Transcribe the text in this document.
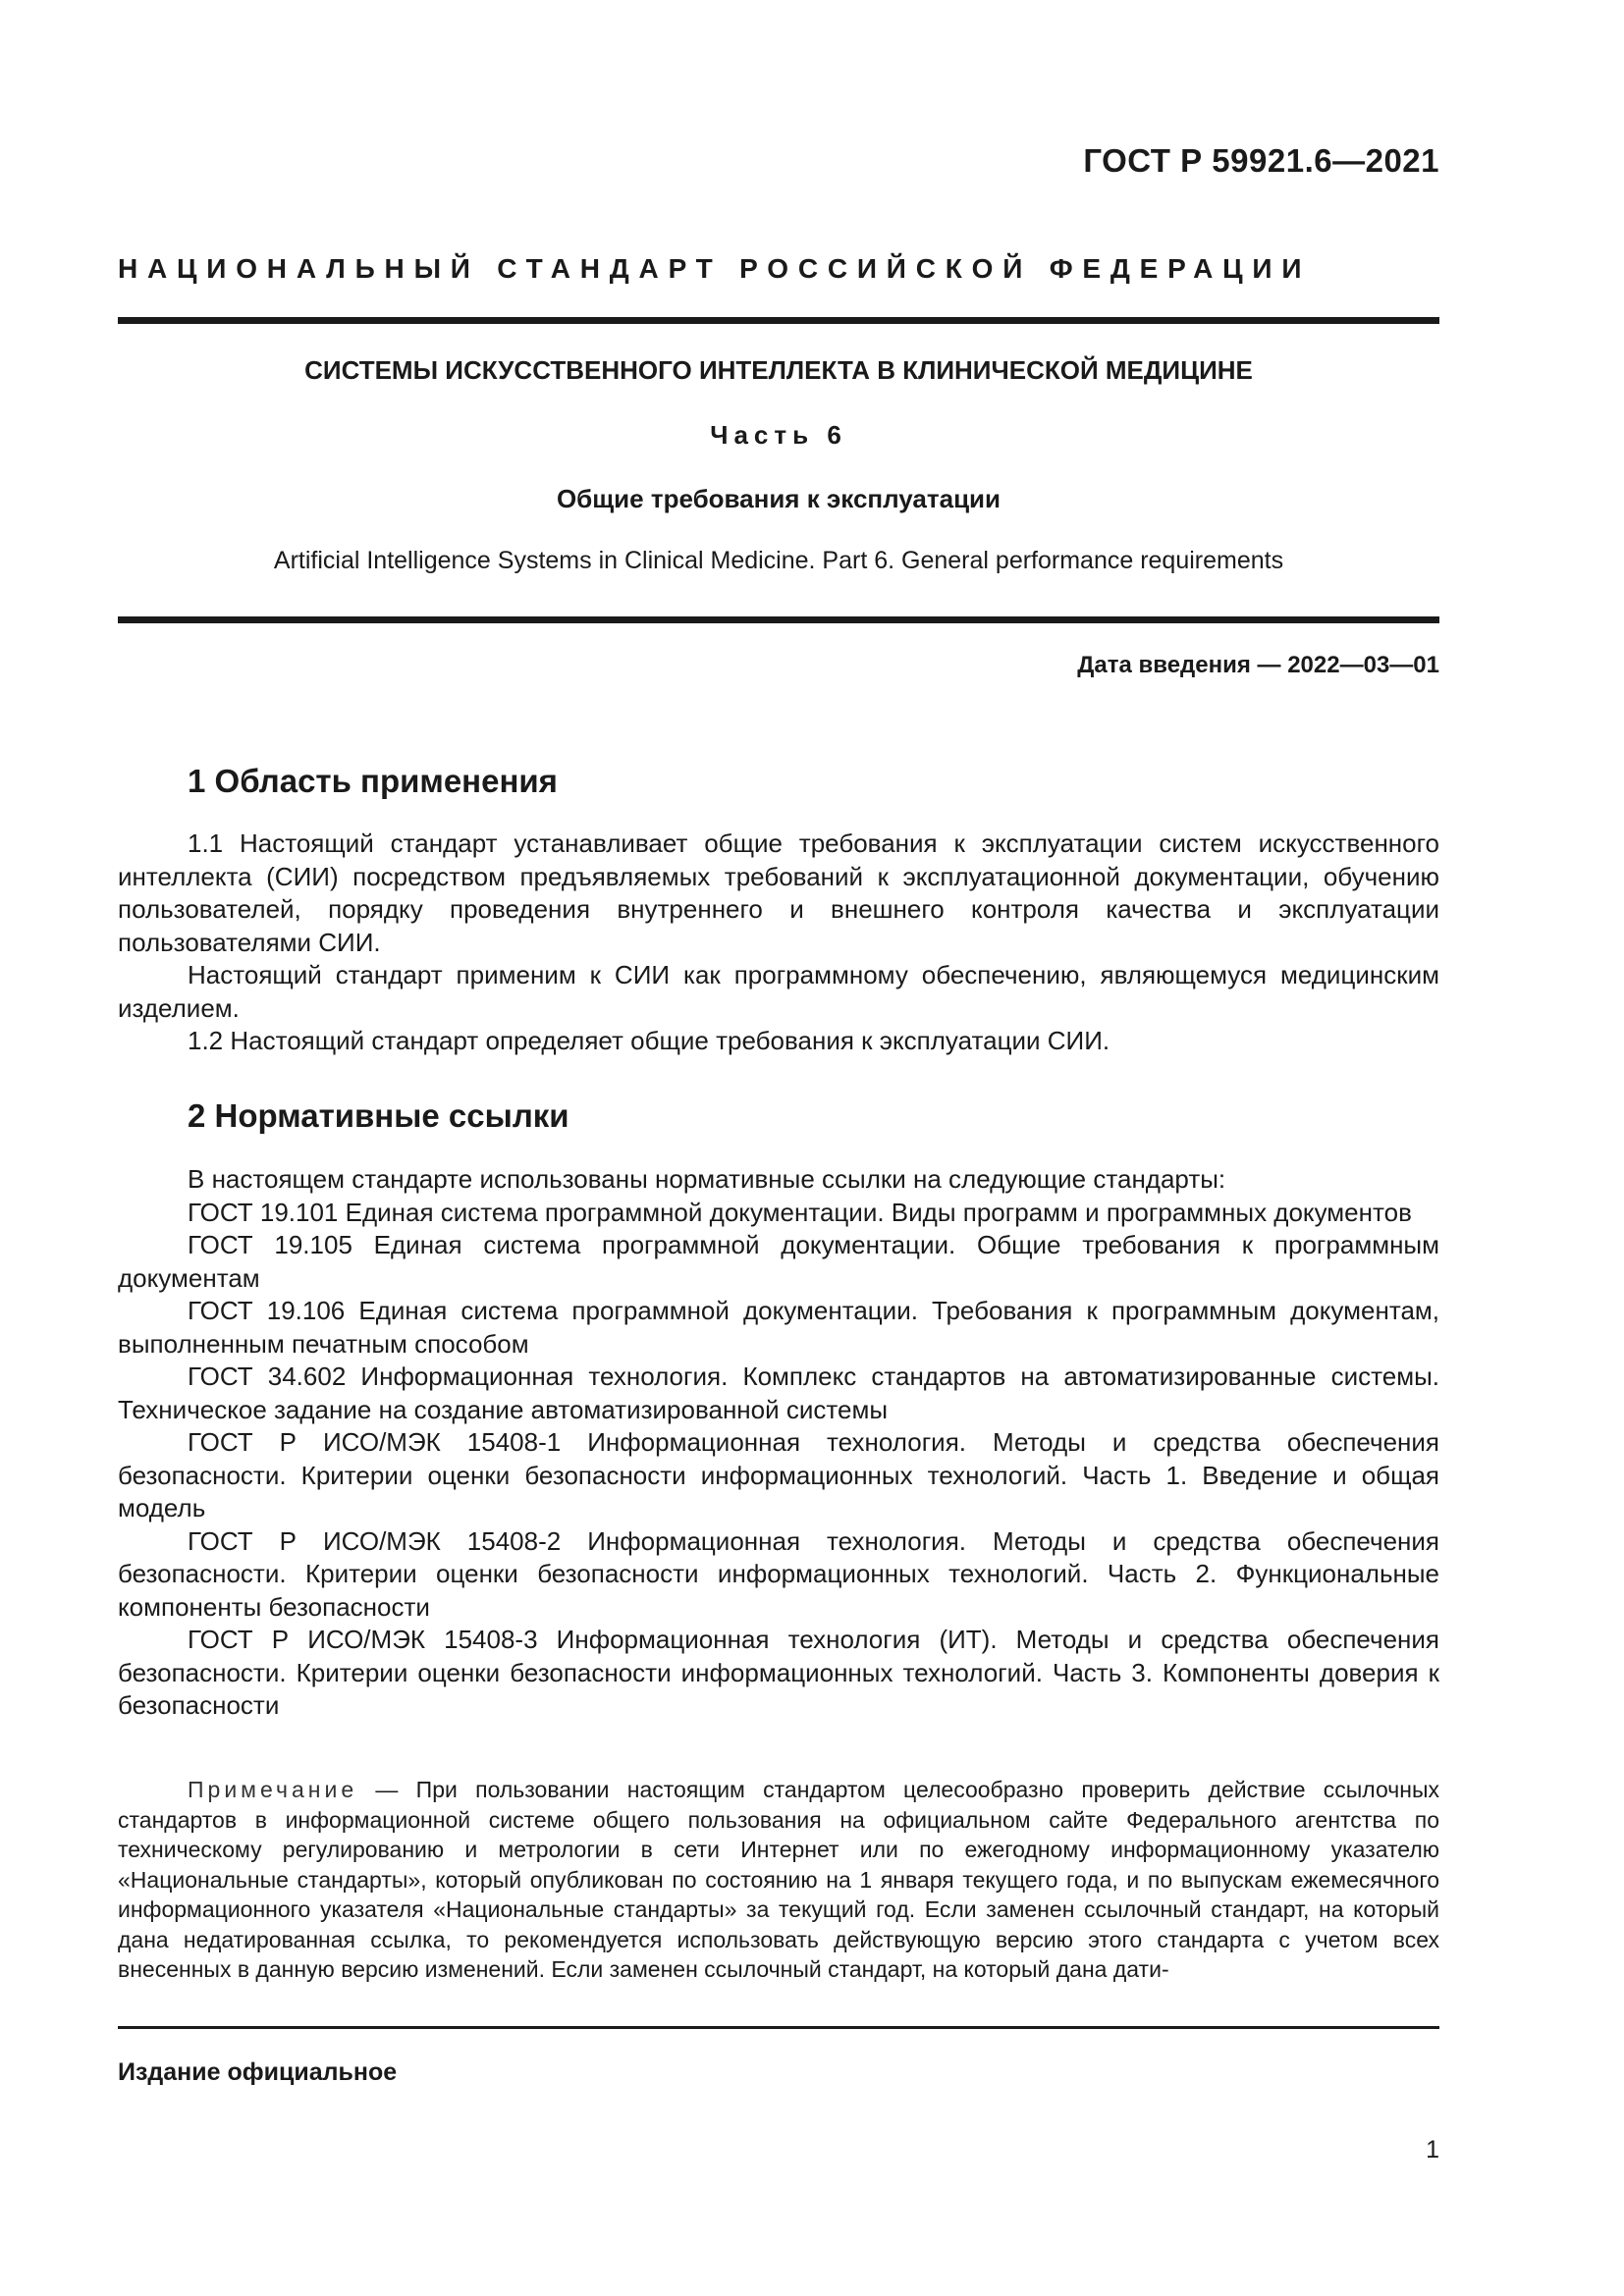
ГОСТ Р 59921.6—2021
НАЦИОНАЛЬНЫЙ СТАНДАРТ РОССИЙСКОЙ ФЕДЕРАЦИИ
СИСТЕМЫ ИСКУССТВЕННОГО ИНТЕЛЛЕКТА В КЛИНИЧЕСКОЙ МЕДИЦИНЕ
Часть 6
Общие требования к эксплуатации
Artificial Intelligence Systems in Clinical Medicine. Part 6. General performance requirements
Дата введения — 2022—03—01
1 Область применения

1.1 Настоящий стандарт устанавливает общие требования к эксплуатации систем искусственного интеллекта (СИИ) посредством предъявляемых требований к эксплуатационной документации, обучению пользователей, порядку проведения внутреннего и внешнего контроля качества и эксплуатации пользователями СИИ.

Настоящий стандарт применим к СИИ как программному обеспечению, являющемуся медицинским изделием.

1.2 Настоящий стандарт определяет общие требования к эксплуатации СИИ.

2 Нормативные ссылки

В настоящем стандарте использованы нормативные ссылки на следующие стандарты:

ГОСТ 19.101 Единая система программной документации. Виды программ и программных документов

ГОСТ 19.105 Единая система программной документации. Общие требования к программным документам

ГОСТ 19.106 Единая система программной документации. Требования к программным документам, выполненным печатным способом

ГОСТ 34.602 Информационная технология. Комплекс стандартов на автоматизированные системы. Техническое задание на создание автоматизированной системы

ГОСТ Р ИСО/МЭК 15408-1 Информационная технология. Методы и средства обеспечения безопасности. Критерии оценки безопасности информационных технологий. Часть 1. Введение и общая модель

ГОСТ Р ИСО/МЭК 15408-2 Информационная технология. Методы и средства обеспечения безопасности. Критерии оценки безопасности информационных технологий. Часть 2. Функциональные компоненты безопасности

ГОСТ Р ИСО/МЭК 15408-3 Информационная технология (ИТ). Методы и средства обеспечения безопасности. Критерии оценки безопасности информационных технологий. Часть 3. Компоненты доверия к безопасности

Примечание — При пользовании настоящим стандартом целесообразно проверить действие ссылочных стандартов в информационной системе общего пользования на официальном сайте Федерального агентства по техническому регулированию и метрологии в сети Интернет или по ежегодному информационному указателю «Национальные стандарты», который опубликован по состоянию на 1 января текущего года, и по выпускам ежемесячного информационного указателя «Национальные стандарты» за текущий год. Если заменен ссылочный стандарт, на который дана недатированная ссылка, то рекомендуется использовать действующую версию этого стандарта с учетом всех внесенных в данную версию изменений. Если заменен ссылочный стандарт, на который дана дати-

Издание официальное
1
